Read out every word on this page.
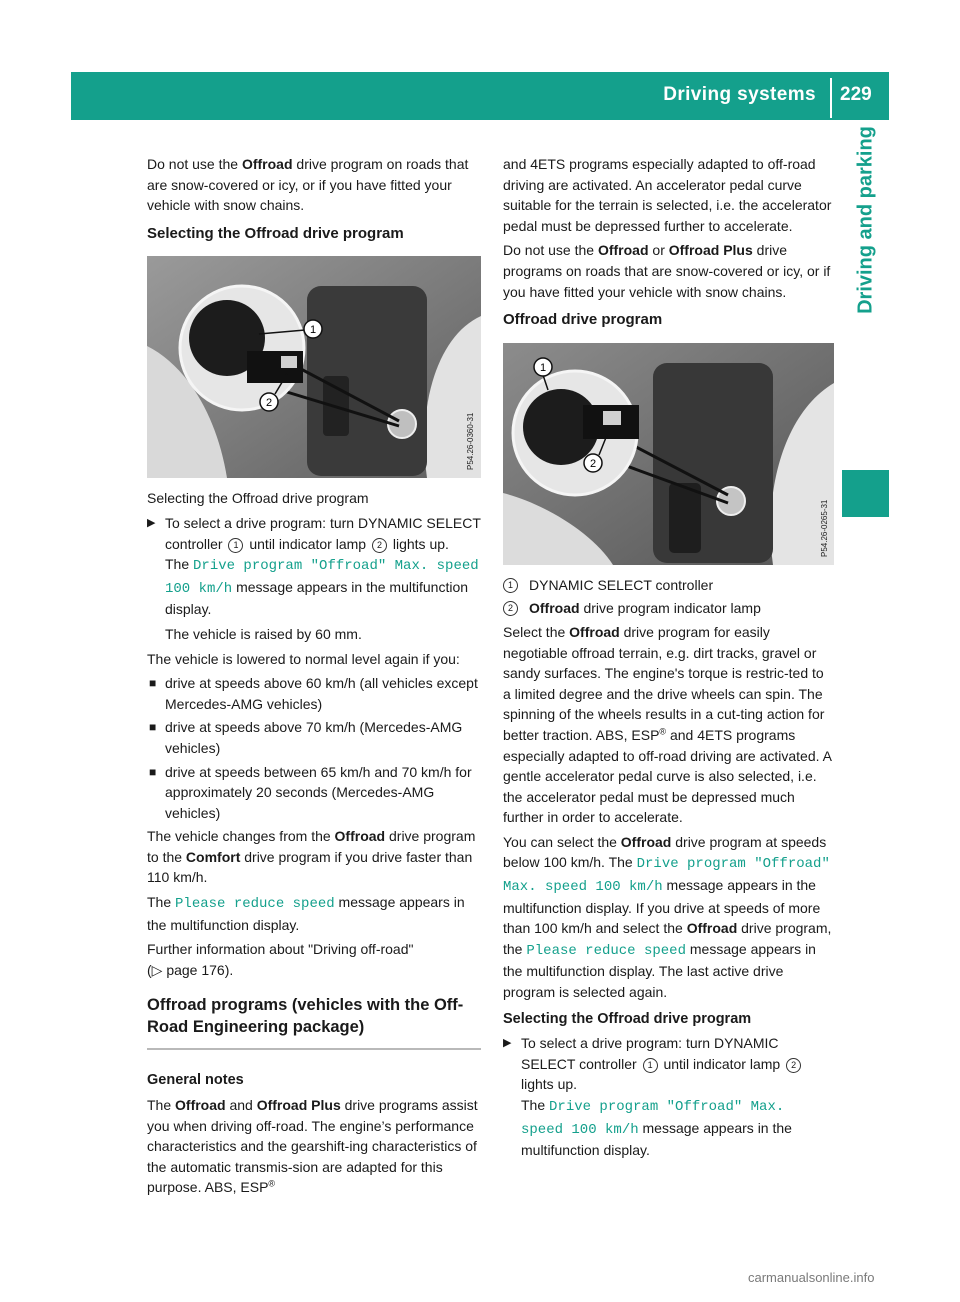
Driving systems 229
Driving and parking

Do not use the Offroad drive program on roads that are snow-covered or icy, or if you have fitted your vehicle with snow chains.

Selecting the Offroad drive program
1
2
P54.26-0360-31

Selecting the Offroad drive program

▶ To select a drive program: turn DYNAMIC SELECT controller 1 until indicator lamp 2 lights up.
The Drive program "Offroad" Max. speed 100 km/h message appears in the multifunction display.

The vehicle is raised by 60 mm.

The vehicle is lowered to normal level again if you:

■ drive at speeds above 60 km/h (all vehicles except Mercedes-AMG vehicles)
■ drive at speeds above 70 km/h (Mercedes-AMG vehicles)
■ drive at speeds between 65 km/h and 70 km/h for approximately 20 seconds (Mercedes-AMG vehicles)

The vehicle changes from the Offroad drive program to the Comfort drive program if you drive faster than 110 km/h.

The Please reduce speed message appears in the multifunction display.

Further information about "Driving off-road"
(▷ page 176).

Offroad programs (vehicles with the Off-Road Engineering package)
General notes

The Offroad and Offroad Plus drive programs assist you when driving off-road. The engine’s performance characteristics and the gearshift-ing characteristics of the automatic transmis-sion are adapted for this purpose. ABS, ESP®

and 4ETS programs especially adapted to off-road driving are activated. An accelerator pedal curve suitable for the terrain is selected, i.e. the accelerator pedal must be depressed further to accelerate.

Do not use the Offroad or Offroad Plus drive programs on roads that are snow-covered or icy, or if you have fitted your vehicle with snow chains.

Offroad drive program
1
2
P54.26-0265-31
1	DYNAMIC SELECT controller
2	Offroad drive program indicator lamp

Select the Offroad drive program for easily negotiable offroad terrain, e.g. dirt tracks, gravel or sandy surfaces. The engine's torque is restric-ted to a limited degree and the drive wheels can spin. The spinning of the wheels results in a cut-ting action for better traction. ABS, ESP® and 4ETS programs especially adapted to off-road driving are activated. A gentle accelerator pedal curve is also selected, i.e. the accelerator pedal must be depressed much further in order to accelerate.

You can select the Offroad drive program at speeds below 100 km/h. The Drive program "Offroad" Max. speed 100 km/h message appears in the multifunction display. If you drive at speeds of more than 100 km/h and select the Offroad drive program, the Please reduce speed message appears in the multifunction display. The last active drive program is selected again.

Selecting the Offroad drive program
▶ To select a drive program: turn DYNAMIC SELECT controller 1 until indicator lamp 2 lights up.
The Drive program "Offroad" Max. speed 100 km/h message appears in the multifunction display.
carmanualsonline.info
